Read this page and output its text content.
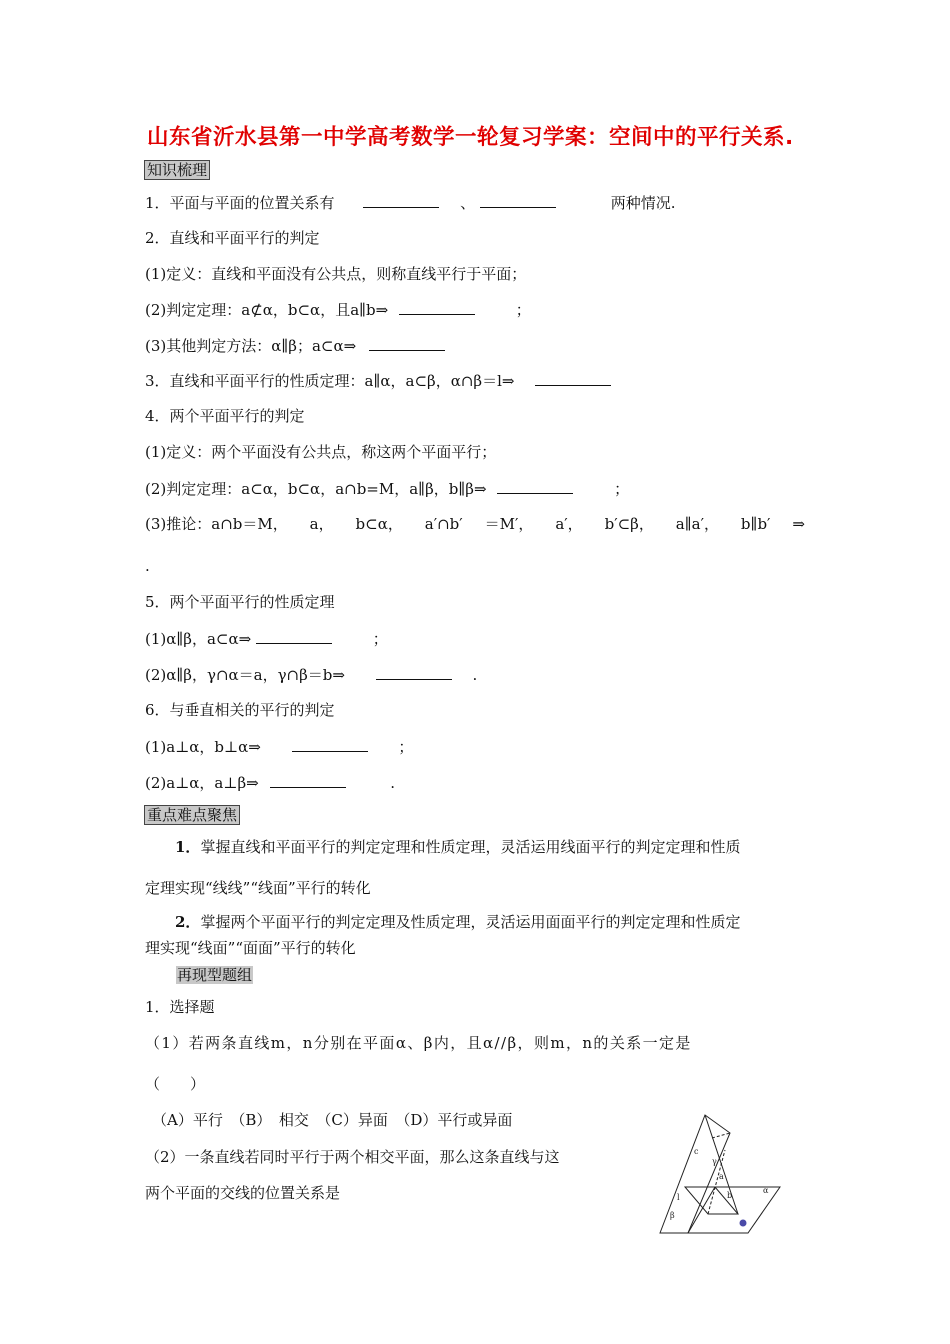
山东省沂水县第一中学高考数学一轮复习学案：空间中的平行关系.
知识梳理
1．平面与平面的位置关系有	、	两种情况.
2．直线和平面平行的判定
(1)定义：直线和平面没有公共点，则称直线平行于平面；
(2)判定定理：a⊄α，b⊂α，且a∥b⇒	；
(3)其他判定方法：α∥β；a⊂α⇒
3．直线和平面平行的性质定理：a∥α，a⊂β，α∩β＝l⇒
4．两个平面平行的判定
(1)定义：两个平面没有公共点，称这两个平面平行；
(2)判定定理：a⊂α，b⊂α，a∩b=M，a∥β，b∥β⇒	；
(3)推论：a∩b＝M， a， b⊂α， a′∩b′ ＝M′， a′， b′⊂β， a∥a′， b∥b′ ⇒
.
5．两个平面平行的性质定理
(1)α∥β，a⊂α⇒	；
(2)α∥β，γ∩α＝a，γ∩β＝b⇒	.
6．与垂直相关的平行的判定
(1)a⊥α，b⊥α⇒	；
(2)a⊥α，a⊥β⇒	.
重点难点聚焦
1．掌握直线和平面平行的判定定理和性质定理，灵活运用线面平行的判定定理和性质
定理实现“线线”“线面”平行的转化
2．掌握两个平面平行的判定定理及性质定理，灵活运用面面平行的判定定理和性质定
理实现“线面”“面面”平行的转化
再现型题组
1．选择题
（1）若两条直线m，n分别在平面α、β内，且α//β，则m，n的关系一定是
（　　）
（A）平行　（B）　相交　（C）异面　（D）平行或异面
（2）一条直线若同时平行于两个相交平面，那么这条直线与这
两个平面的交线的位置关系是
c
γ
a
b
α
l
β
